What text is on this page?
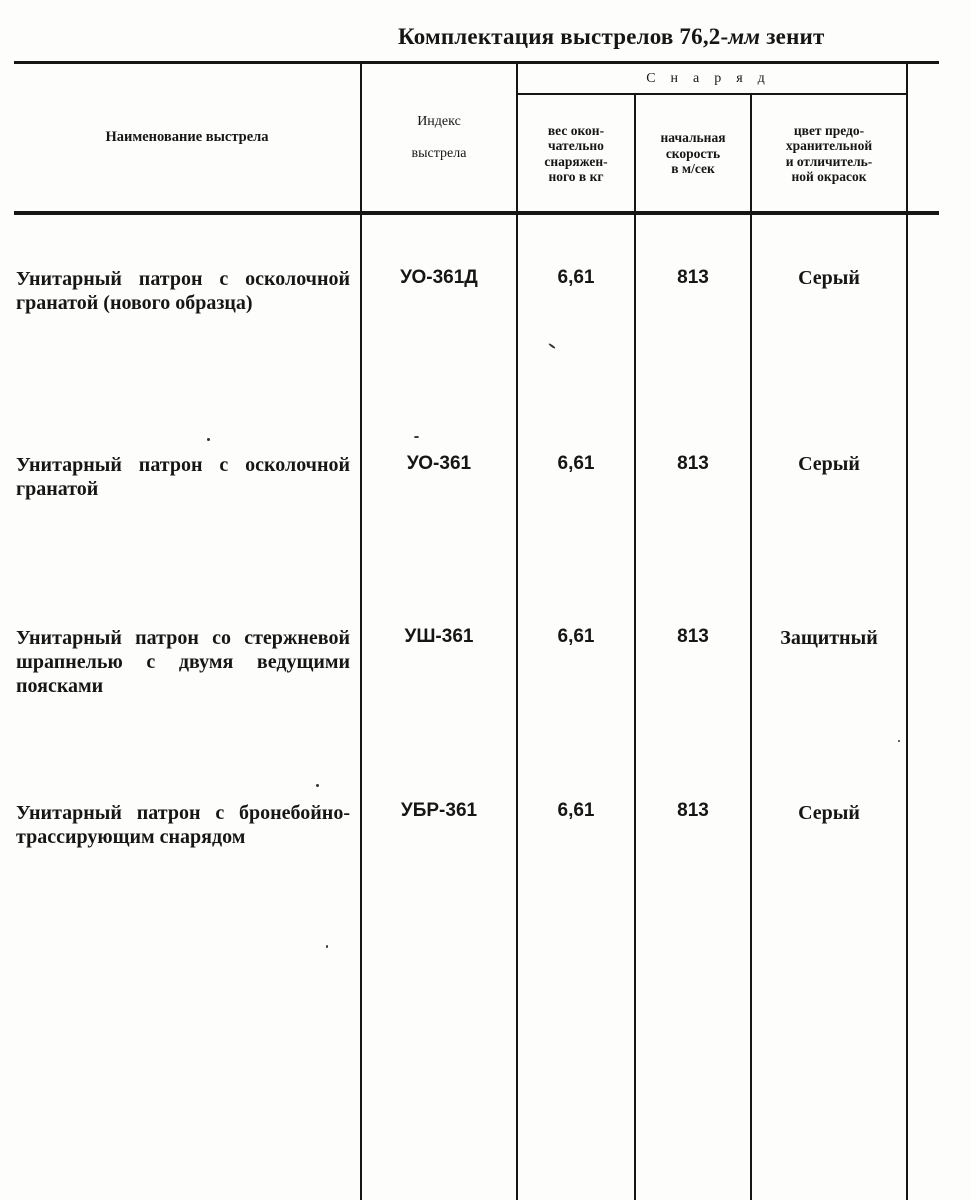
Комплектация выстрелов 76,2-мм зенит
Наименование выстрела
Индекс
выстрела
Снаряд
вес окон-
чательно
снаряжен-
ного в кг
начальная
скорость
в м/сек
цвет предо-
хранительной
и отличитель-
ной окрасок
Унитарный патрон с осколочной гранатой (нового образца)
УО-361Д	6,61	813	Серый
Унитарный патрон с осколочной гранатой
УО-361	6,61	813	Серый
Унитарный патрон со стержневой шрапнелью с двумя ведущими поясками
УШ-361	6,61	813	Защитный
Унитарный патрон с бронебойно-трассирующим снарядом
УБР-361	6,61	813	Серый
